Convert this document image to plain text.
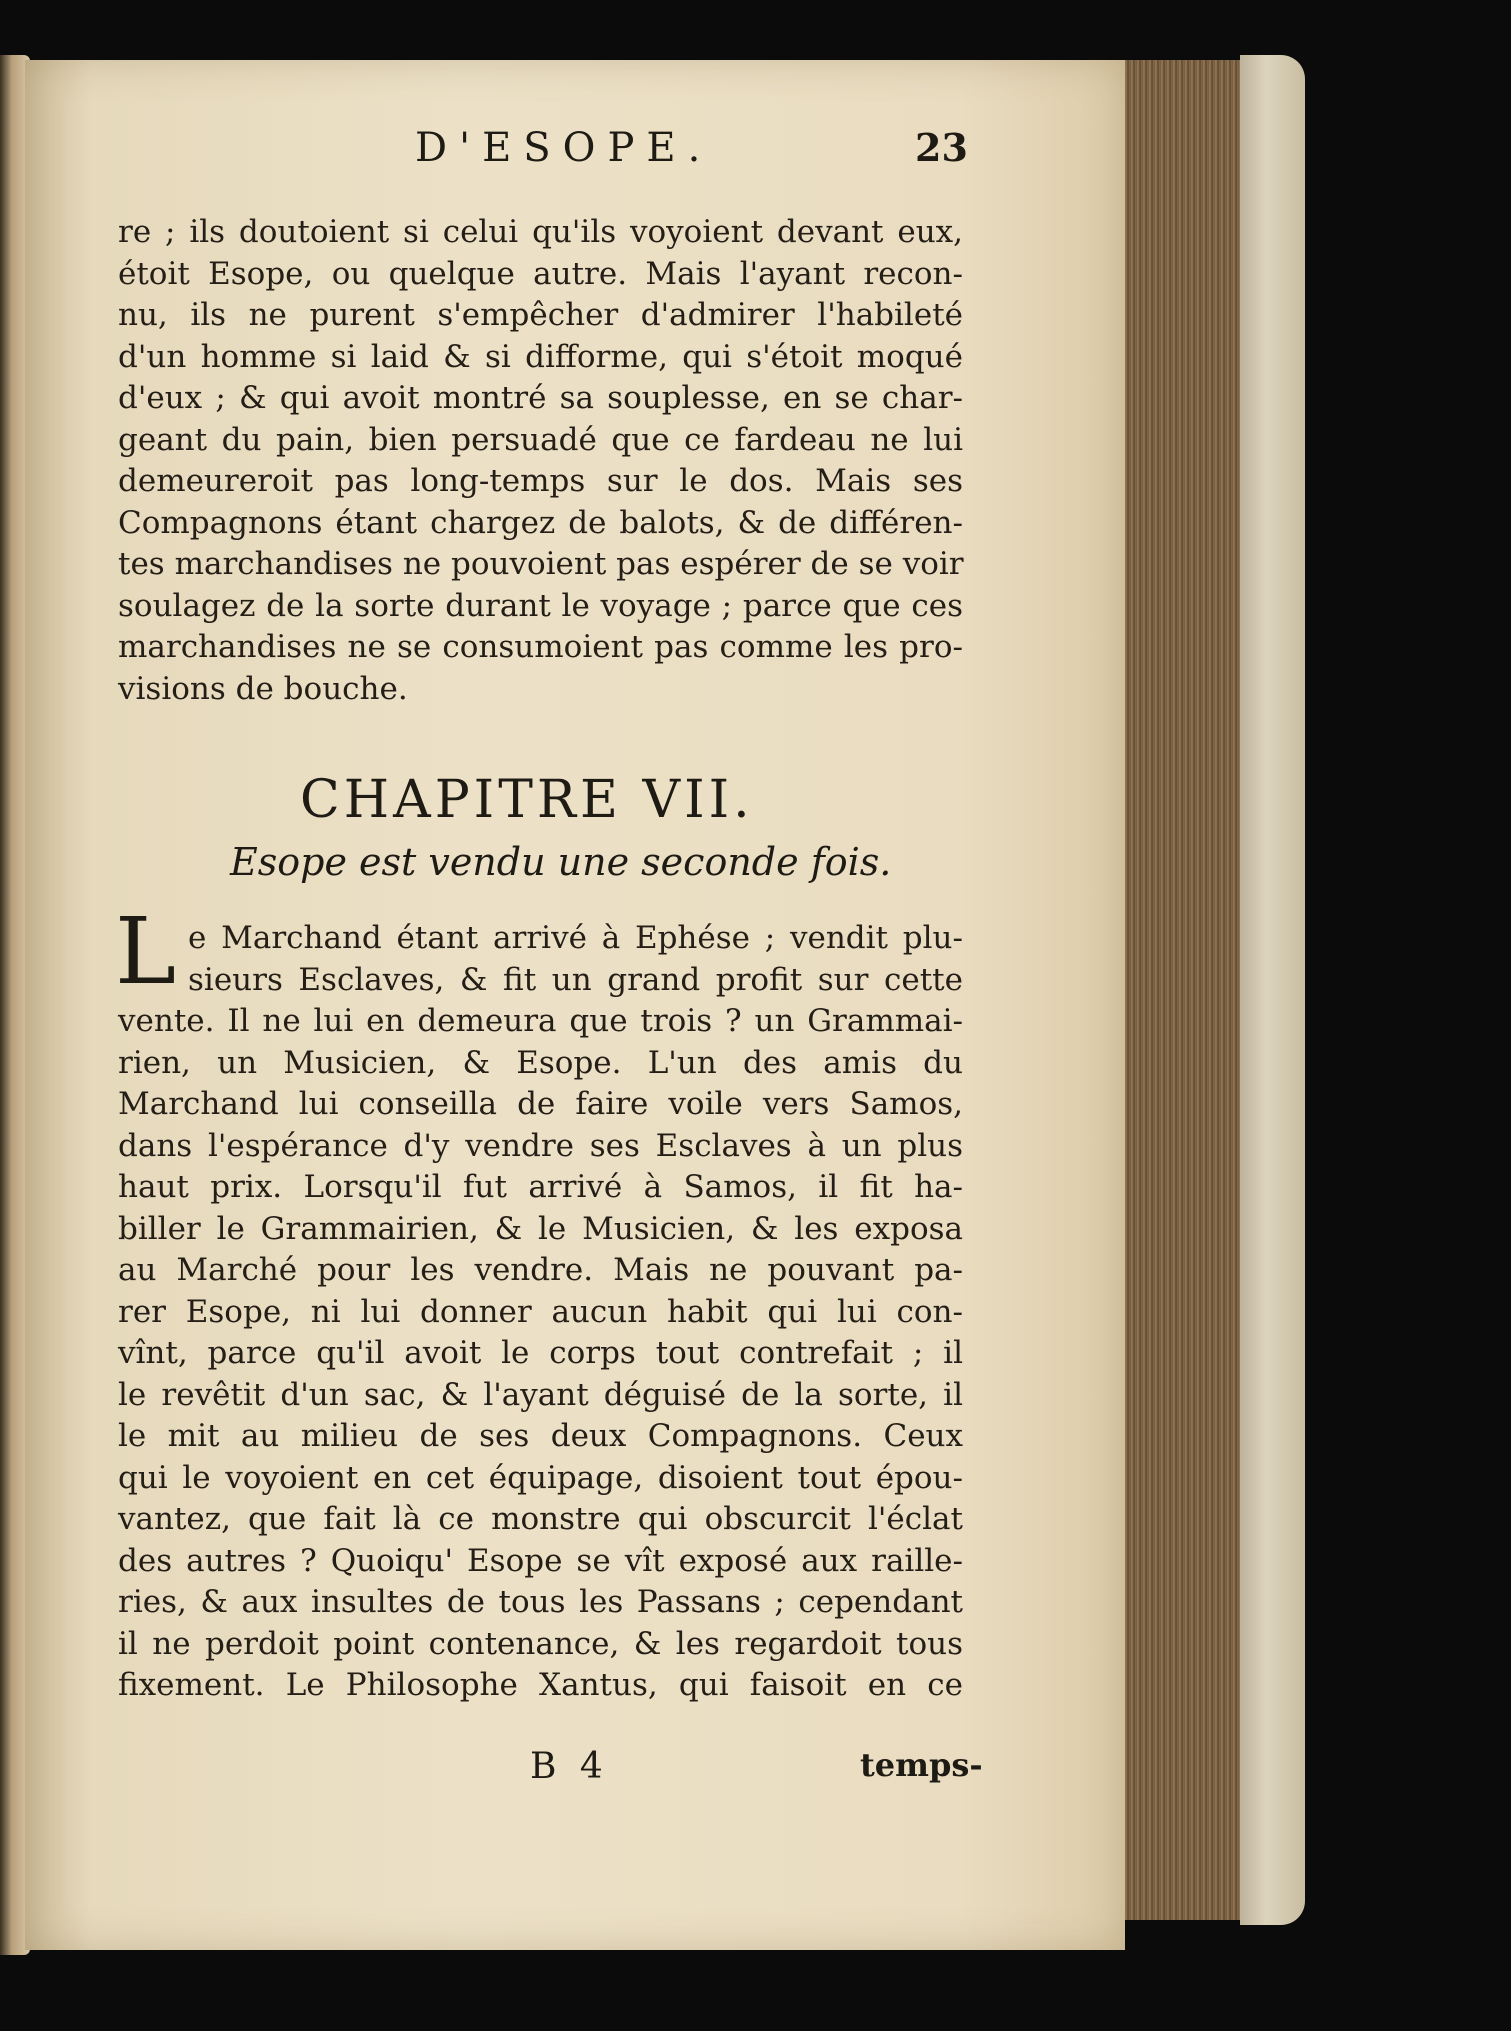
D'ESOPE.	23
re ; ils doutoient si celui qu'ils voyoient devant eux,
étoit Esope, ou quelque autre. Mais l'ayant recon-
nu, ils ne purent s'empêcher d'admirer l'habileté
d'un homme si laid & si difforme, qui s'étoit moqué
d'eux ; & qui avoit montré sa souplesse, en se char-
geant du pain, bien persuadé que ce fardeau ne lui
demeureroit pas long-temps sur le dos. Mais ses
Compagnons étant chargez de balots, & de différen-
tes marchandises ne pouvoient pas espérer de se voir
soulagez de la sorte durant le voyage ; parce que ces
marchandises ne se consumoient pas comme les pro-
visions de bouche.
CHAPITRE VII.
Esope est vendu une seconde fois.
L e Marchand étant arrivé à Ephése ; vendit plu-
sieurs Esclaves, & fit un grand profit sur cette
vente. Il ne lui en demeura que trois ? un Grammai-
rien, un Musicien, & Esope. L'un des amis du
Marchand lui conseilla de faire voile vers Samos,
dans l'espérance d'y vendre ses Esclaves à un plus
haut prix. Lorsqu'il fut arrivé à Samos, il fit ha-
biller le Grammairien, & le Musicien, & les exposa
au Marché pour les vendre. Mais ne pouvant pa-
rer Esope, ni lui donner aucun habit qui lui con-
vînt, parce qu'il avoit le corps tout contrefait ; il
le revêtit d'un sac, & l'ayant déguisé de la sorte, il
le mit au milieu de ses deux Compagnons. Ceux
qui le voyoient en cet équipage, disoient tout épou-
vantez, que fait là ce monstre qui obscurcit l'éclat
des autres ? Quoiqu' Esope se vît exposé aux raille-
ries, & aux insultes de tous les Passans ; cependant
il ne perdoit point contenance, & les regardoit tous
fixement. Le Philosophe Xantus, qui faisoit en ce
B 4	temps-
